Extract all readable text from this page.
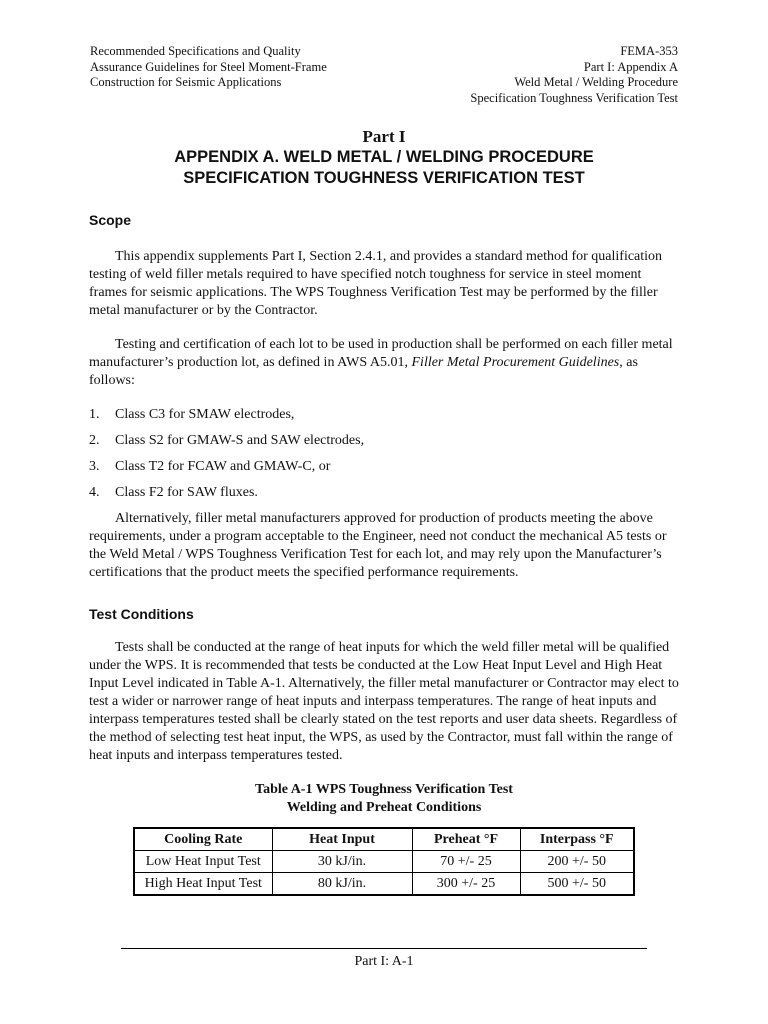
Recommended Specifications and Quality
Assurance Guidelines for Steel Moment-Frame
Construction for Seismic Applications
FEMA-353
Part I: Appendix A
Weld Metal / Welding Procedure
Specification Toughness Verification Test
Part I
APPENDIX A. WELD METAL / WELDING PROCEDURE
SPECIFICATION TOUGHNESS VERIFICATION TEST
Scope

This appendix supplements Part I, Section 2.4.1, and provides a standard method for qualification testing of weld filler metals required to have specified notch toughness for service in steel moment frames for seismic applications. The WPS Toughness Verification Test may be performed by the filler metal manufacturer or by the Contractor.

Testing and certification of each lot to be used in production shall be performed on each filler metal manufacturer’s production lot, as defined in AWS A5.01, Filler Metal Procurement Guidelines, as follows:

1.	Class C3 for SMAW electrodes,
2.	Class S2 for GMAW-S and SAW electrodes,
3.	Class T2 for FCAW and GMAW-C, or
4.	Class F2 for SAW fluxes.

Alternatively, filler metal manufacturers approved for production of products meeting the above requirements, under a program acceptable to the Engineer, need not conduct the mechanical A5 tests or the Weld Metal / WPS Toughness Verification Test for each lot, and may rely upon the Manufacturer’s certifications that the product meets the specified performance requirements.

Test Conditions

Tests shall be conducted at the range of heat inputs for which the weld filler metal will be qualified under the WPS. It is recommended that tests be conducted at the Low Heat Input Level and High Heat Input Level indicated in Table A-1. Alternatively, the filler metal manufacturer or Contractor may elect to test a wider or narrower range of heat inputs and interpass temperatures. The range of heat inputs and interpass temperatures tested shall be clearly stated on the test reports and user data sheets. Regardless of the method of selecting test heat input, the WPS, as used by the Contractor, must fall within the range of heat inputs and interpass temperatures tested.

Table A-1 WPS Toughness Verification Test
Welding and Preheat Conditions
Cooling Rate	Heat Input	Preheat °F	Interpass °F
Low Heat Input Test	30 kJ/in.	70 +/- 25	200 +/- 50
High Heat Input Test	80 kJ/in.	300 +/- 25	500 +/- 50
Part I: A-1
